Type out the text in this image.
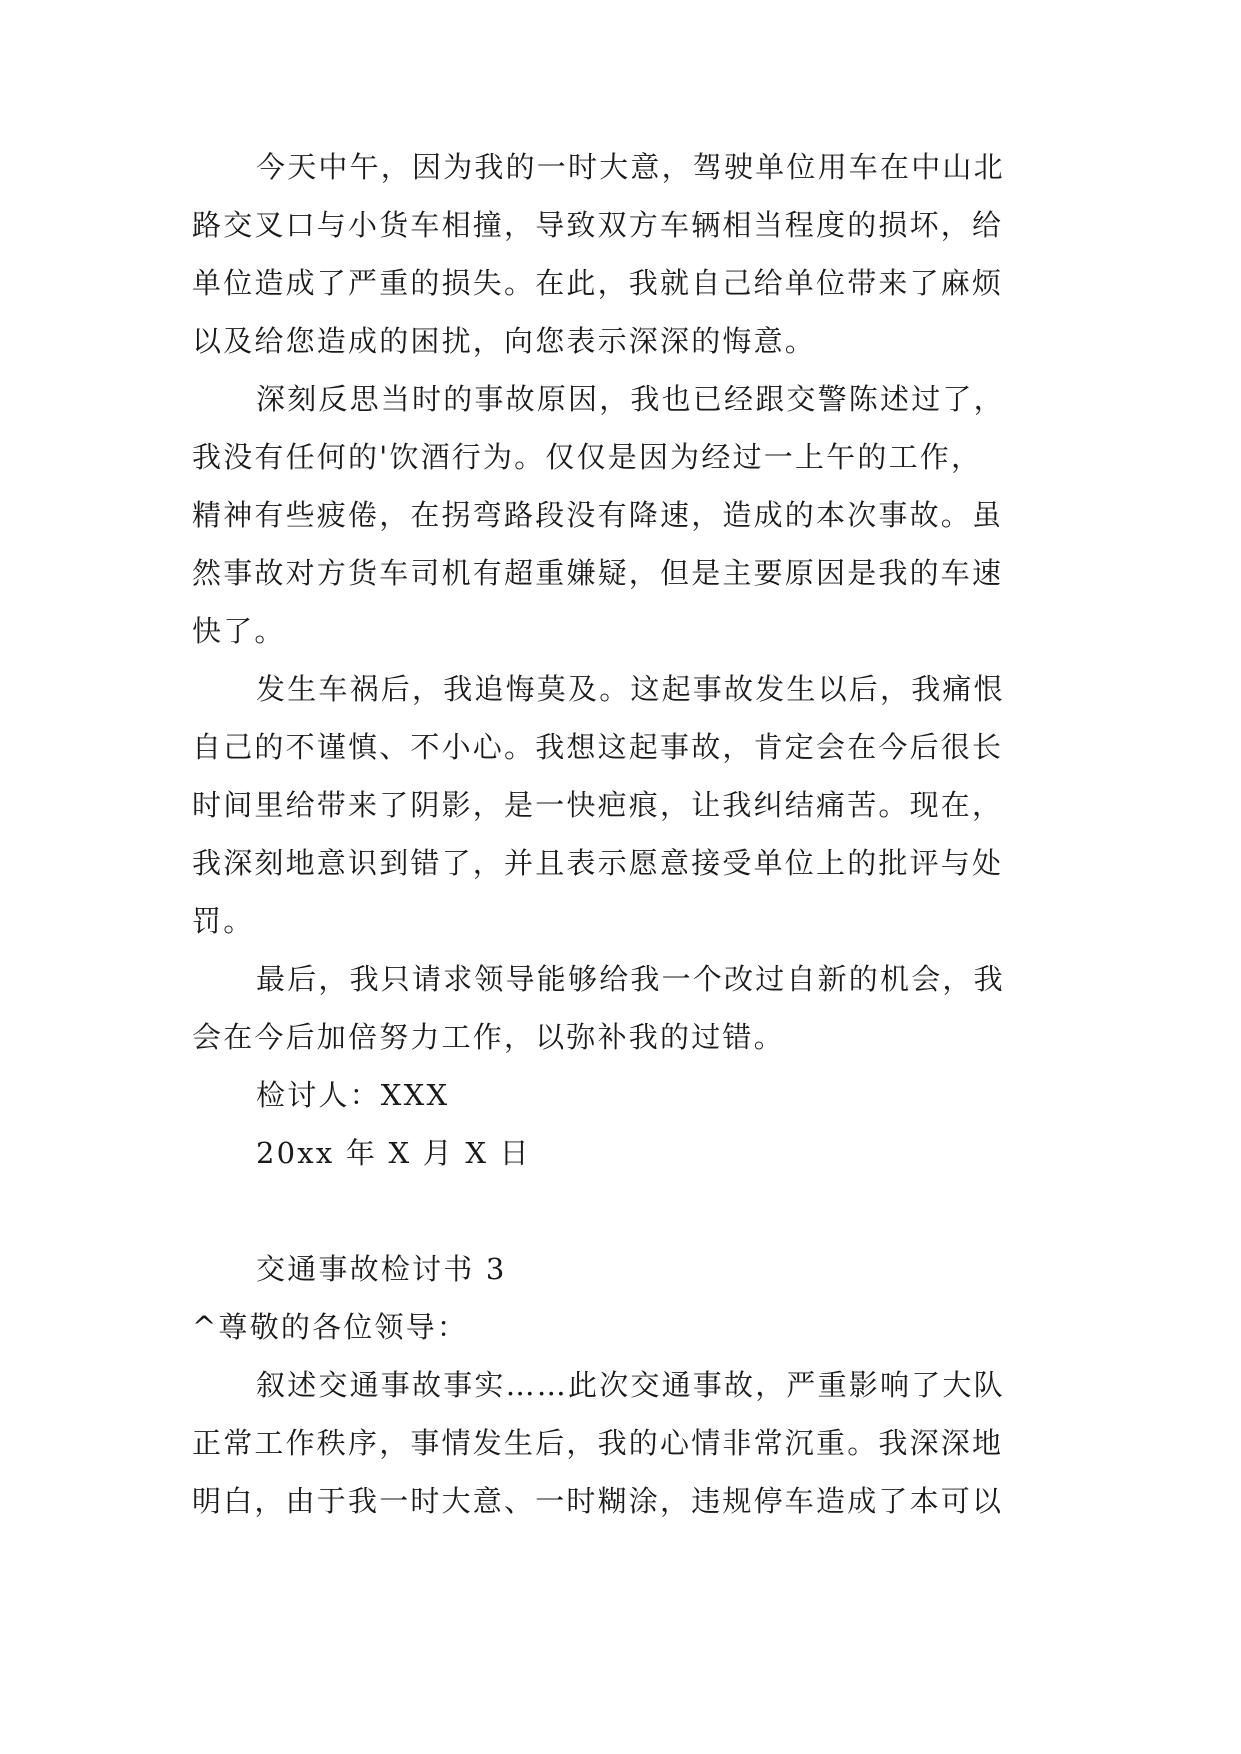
今天中午，因为我的一时大意，驾驶单位用车在中山北
路交叉口与小货车相撞，导致双方车辆相当程度的损坏，给
单位造成了严重的损失。在此，我就自己给单位带来了麻烦
以及给您造成的困扰，向您表示深深的悔意。
深刻反思当时的事故原因，我也已经跟交警陈述过了，
我没有任何的'饮酒行为。仅仅是因为经过一上午的工作，
精神有些疲倦，在拐弯路段没有降速，造成的本次事故。虽
然事故对方货车司机有超重嫌疑，但是主要原因是我的车速
快了。
发生车祸后，我追悔莫及。这起事故发生以后，我痛恨
自己的不谨慎、不小心。我想这起事故，肯定会在今后很长
时间里给带来了阴影，是一快疤痕，让我纠结痛苦。现在，
我深刻地意识到错了，并且表示愿意接受单位上的批评与处
罚。
最后，我只请求领导能够给我一个改过自新的机会，我
会在今后加倍努力工作，以弥补我的过错。
检讨人：XXX
20xx 年 X 月 X 日
交通事故检讨书 3
^尊敬的各位领导：
叙述交通事故事实……此次交通事故，严重影响了大队
正常工作秩序，事情发生后，我的心情非常沉重。我深深地
明白，由于我一时大意、一时糊涂，违规停车造成了本可以
